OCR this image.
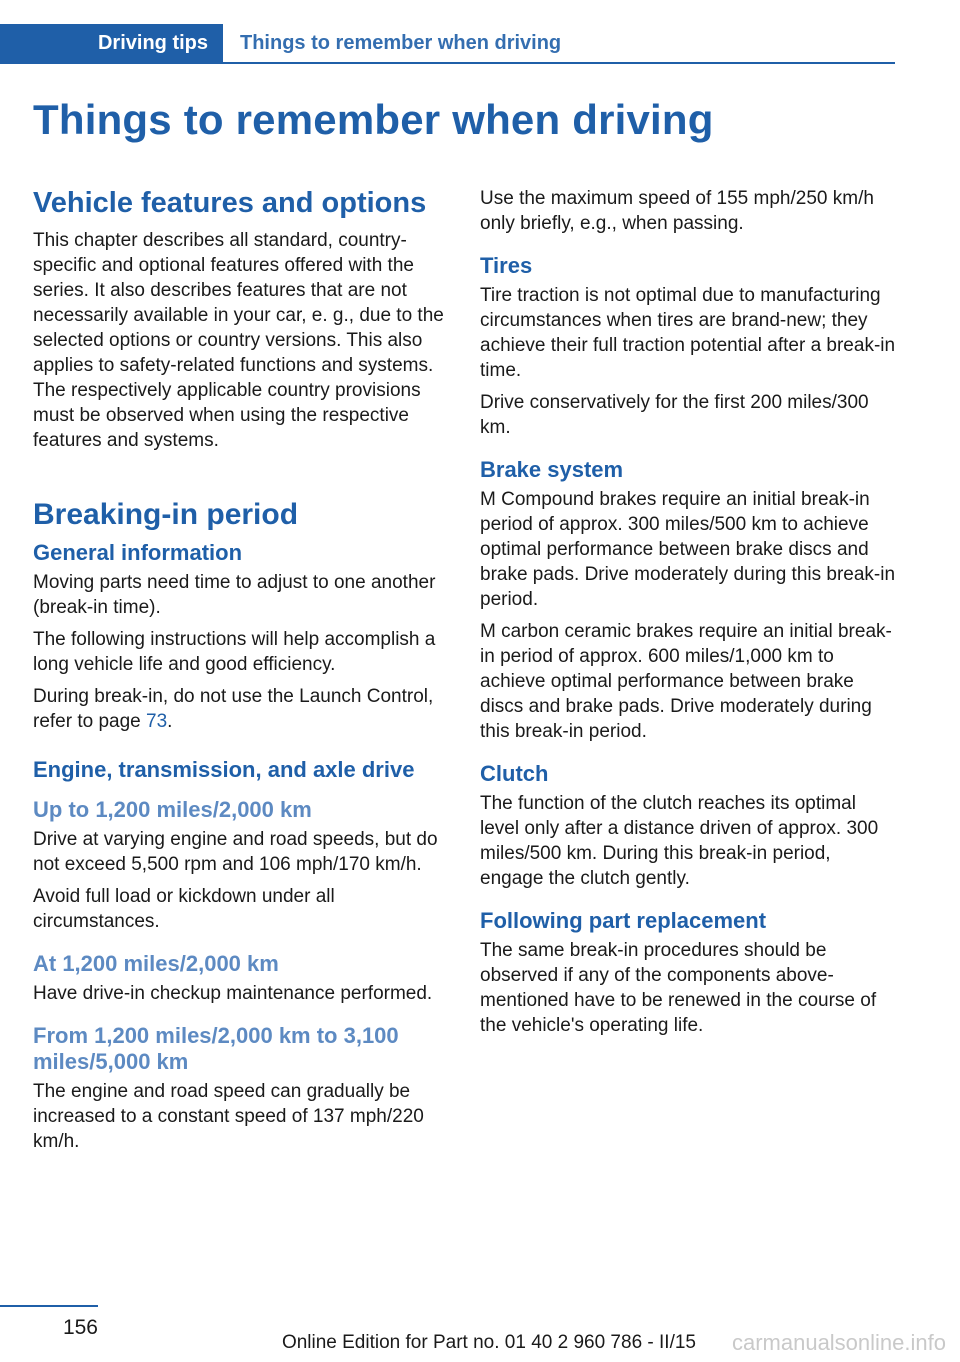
Driving tips	Things to remember when driving
Things to remember when driving
Vehicle features and options

This chapter describes all standard, country-specific and optional features offered with the series. It also describes features that are not necessarily available in your car, e. g., due to the selected options or country versions. This also applies to safety-related functions and systems. The respectively applicable country provisions must be observed when using the respective features and systems.

Breaking-in period
General information

Moving parts need time to adjust to one another (break-in time).

The following instructions will help accomplish a long vehicle life and good efficiency.

During break-in, do not use the Launch Control, refer to page 73.

Engine, transmission, and axle drive
Up to 1,200 miles/2,000 km

Drive at varying engine and road speeds, but do not exceed 5,500 rpm and 106 mph/170 km/h.

Avoid full load or kickdown under all circumstances.

At 1,200 miles/2,000 km

Have drive-in checkup maintenance performed.

From 1,200 miles/2,000 km to 3,100 miles/5,000 km

The engine and road speed can gradually be increased to a constant speed of 137 mph/220 km/h.

Use the maximum speed of 155 mph/250 km/h only briefly, e.g., when passing.

Tires

Tire traction is not optimal due to manufacturing circumstances when tires are brand-new; they achieve their full traction potential after a break-in time.

Drive conservatively for the first 200 miles/300 km.

Brake system

M Compound brakes require an initial break-in period of approx. 300 miles/500 km to achieve optimal performance between brake discs and brake pads. Drive moderately during this break-in period.

M carbon ceramic brakes require an initial break-in period of approx. 600 miles/1,000 km to achieve optimal performance between brake discs and brake pads. Drive moderately during this break-in period.

Clutch

The function of the clutch reaches its optimal level only after a distance driven of approx. 300 miles/500 km. During this break-in period, engage the clutch gently.

Following part replacement

The same break-in procedures should be observed if any of the components above-mentioned have to be renewed in the course of the vehicle's operating life.

156
Online Edition for Part no. 01 40 2 960 786 - II/15 carmanualsonline.info
